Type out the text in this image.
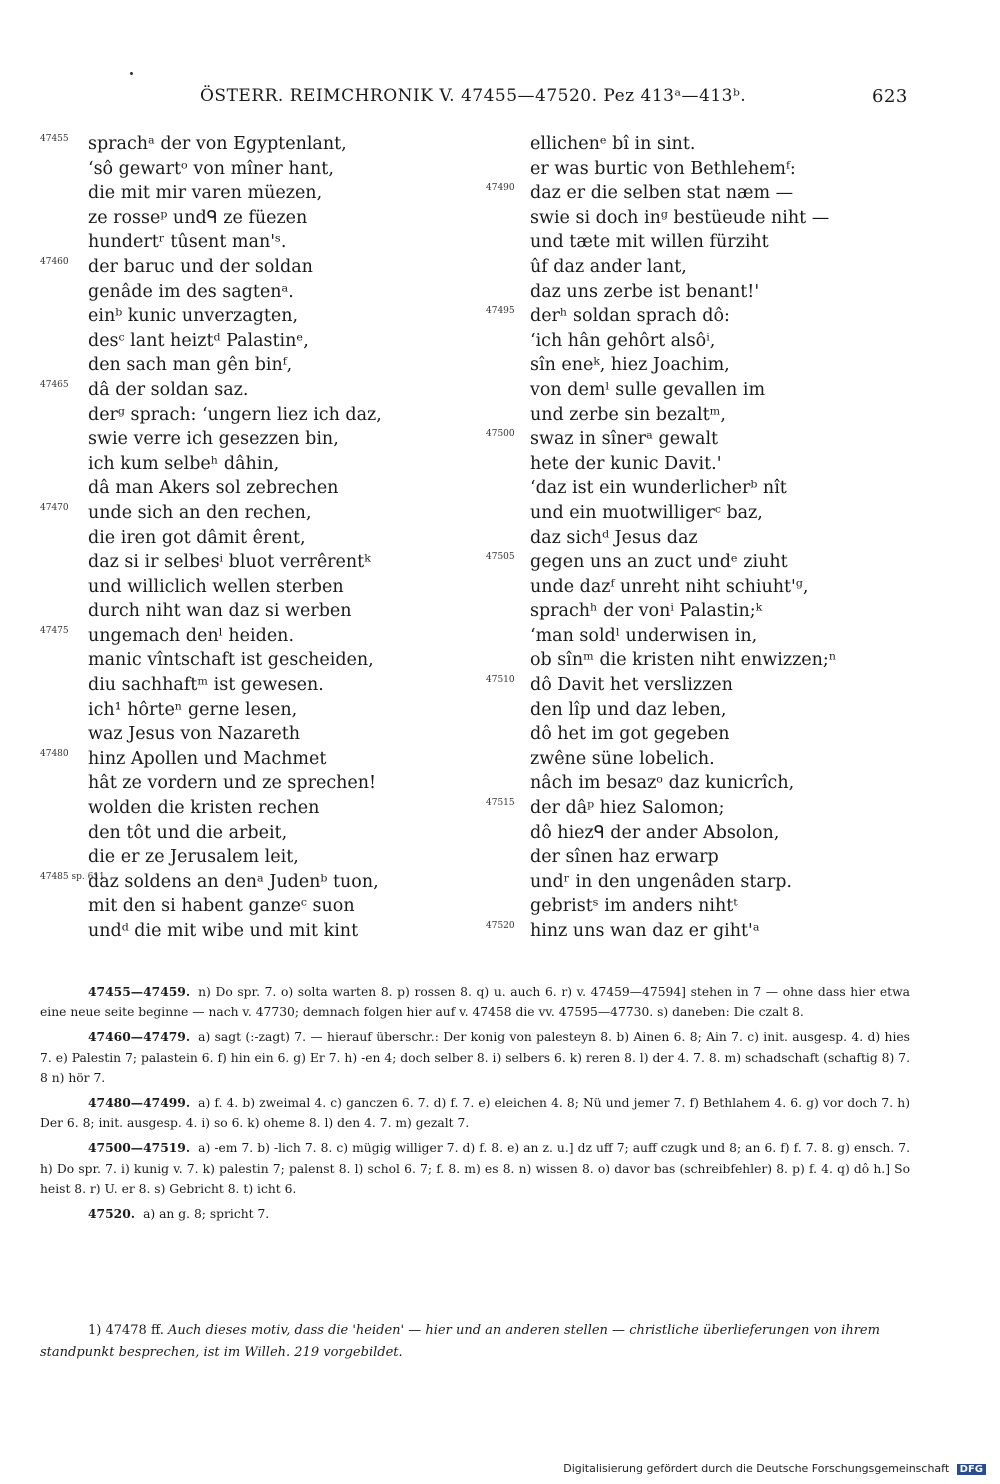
ÖSTERR. REIMCHRONIK V. 47455—47520. Pez 413ᵃ—413ᵇ.	623
47455	sprachᵃ der von Egyptenlant,
ʻsô gewartᵒ von mîner hant,
die mit mir varen müezen,
ze rosseᵖ undᑫ ze füezen
hundertʳ tûsent man'ˢ.
47460	der baruc und der soldan
genâde im des sagtenᵃ.
einᵇ kunic unverzagten,
desᶜ lant heiztᵈ Palastinᵉ,
den sach man gên binᶠ,
47465	dâ der soldan saz.
derᵍ sprach: ʻungern liez ich daz,
swie verre ich gesezzen bin,
ich kum selbeʰ dâhin,
dâ man Akers sol zebrechen
47470	unde sich an den rechen,
die iren got dâmit êrent,
daz si ir selbesⁱ bluot verrêrentᵏ
und williclich wellen sterben
durch niht wan daz si werben
47475	ungemach denˡ heiden.
manic vîntschaft ist gescheiden,
diu sachhaftᵐ ist gewesen.
ich¹ hôrteⁿ gerne lesen,
waz Jesus von Nazareth
47480	hinz Apollen und Machmet
hât ze vordern und ze sprechen!
wolden die kristen rechen
den tôt und die arbeit,
die er ze Jerusalem leit,
47485 sp. 611
daz soldens an denᵃ Judenᵇ tuon,
mit den si habent ganzeᶜ suon
undᵈ die mit wibe und mit kint
ellichenᵉ bî in sint.
er was burtic von Bethlehemᶠ:
47490 daz er die selben stat næm —
swie si doch inᵍ bestüeude niht —
und tæte mit willen fürziht
ûf daz ander lant,
daz uns zerbe ist benant!'
47495 derʰ soldan sprach dô:
ʻich hân gehôrt alsôⁱ,
sîn eneᵏ, hiez Joachim,
von demˡ sulle gevallen im
und zerbe sin bezaltᵐ,
47500 swaz in sînerᵃ gewalt
hete der kunic Davit.'
ʻdaz ist ein wunderlicherᵇ nît
und ein muotwilligerᶜ baz,
daz sichᵈ Jesus daz
47505 gegen uns an zuct undᵉ ziuht
unde dazᶠ unreht niht schiuht'ᵍ,
sprachʰ der vonⁱ Palastin;ᵏ
ʻman soldˡ underwisen in,
ob sînᵐ die kristen niht enwizzen;ⁿ
47510 dô Davit het verslizzen
den lîp und daz leben,
dô het im got gegeben
zwêne süne lobelich.
nâch im besazᵒ daz kunicrîch,
47515 der dâᵖ hiez Salomon;
dô hiezᑫ der ander Absolon,
der sînen haz erwarp
undʳ in den ungenâden starp.
gebristˢ im anders nihtᵗ
47520 hinz uns wan daz er giht'ᵃ

47455—47459. n) Do spr. 7. o) solta warten 8. p) rossen 8. q) u. auch 6. r) v. 47459—47594] stehen in 7 — ohne dass hier etwa eine neue seite beginne — nach v. 47730; demnach folgen hier auf v. 47458 die vv. 47595—47730. s) daneben: Die czalt 8.

47460—47479. a) sagt (:-zagt) 7. — hierauf überschr.: Der konig von palesteyn 8. b) Ainen 6. 8; Ain 7. c) init. ausgesp. 4. d) hies 7. e) Palestin 7; palastein 6. f) hin ein 6. g) Er 7. h) -en 4; doch selber 8. i) selbers 6. k) reren 8. l) der 4. 7. 8. m) schadschaft (schaftig 8) 7. 8 n) hör 7.

47480—47499. a) f. 4. b) zweimal 4. c) ganczen 6. 7. d) f. 7. e) eleichen 4. 8; Nü und jemer 7. f) Bethlahem 4. 6. g) vor doch 7. h) Der 6. 8; init. ausgesp. 4. i) so 6. k) oheme 8. l) den 4. 7. m) gezalt 7.

47500—47519. a) -em 7. b) -lich 7. 8. c) mügig williger 7. d) f. 8. e) an z. u.] dz uff 7; auff czugk und 8; an 6. f) f. 7. 8. g) ensch. 7. h) Do spr. 7. i) kunig v. 7. k) palestin 7; palenst 8. l) schol 6. 7; f. 8. m) es 8. n) wissen 8. o) davor bas (schreibfehler) 8. p) f. 4. q) dô h.] So heist 8. r) U. er 8. s) Gebricht 8. t) icht 6.

47520. a) an g. 8; spricht 7.

1) 47478 ff. Auch dieses motiv, dass die 'heiden' — hier und an anderen stellen — christliche überlieferungen von ihrem standpunkt besprechen, ist im Willeh. 219 vorgebildet.
Digitalisierung gefördert durch die Deutsche Forschungsgemeinschaft DFG
